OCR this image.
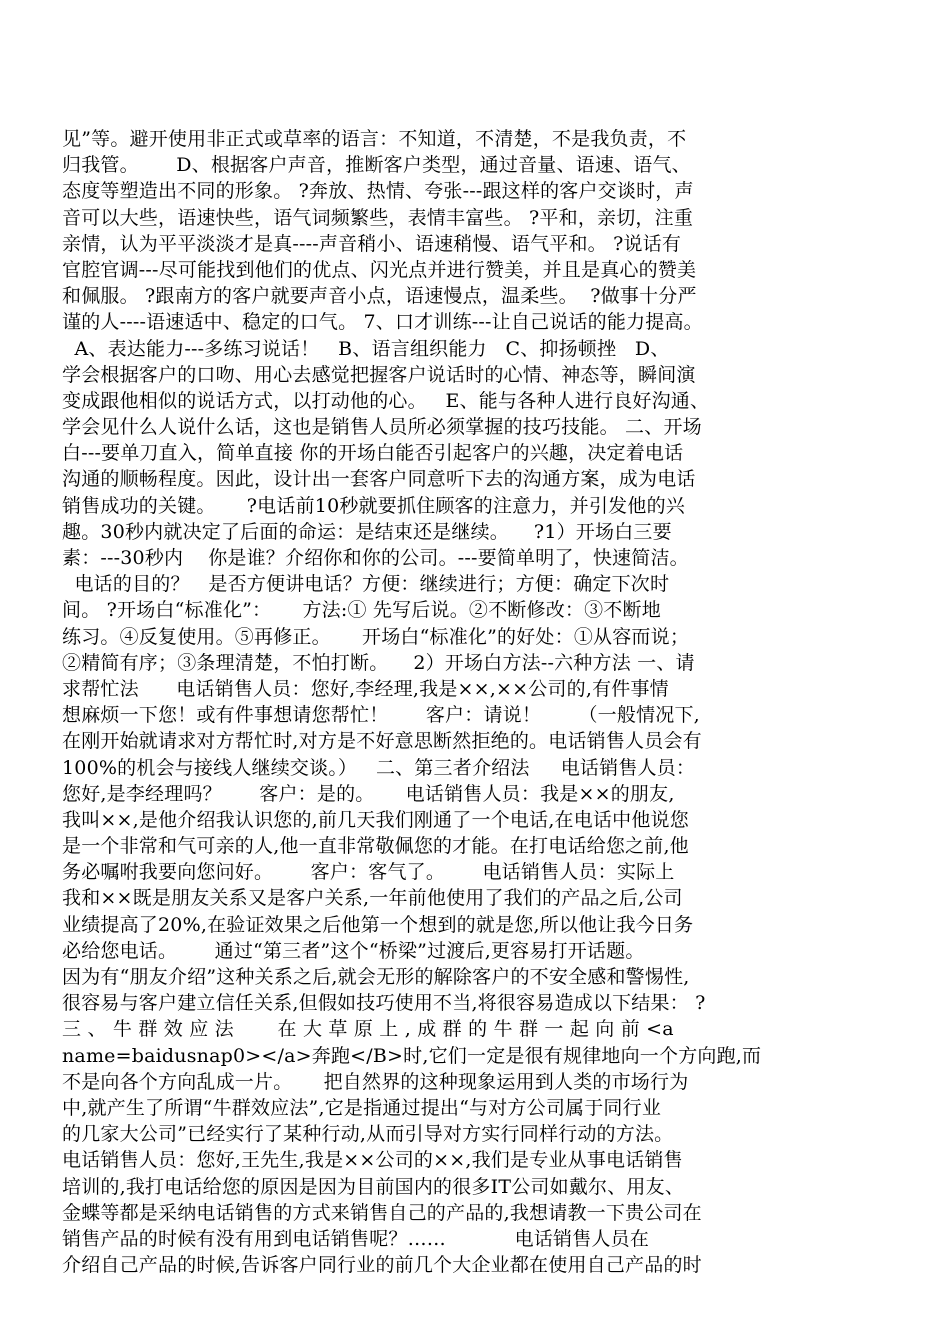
见”等。避开使用非正式或草率的语言：不知道，不清楚，不是我负责，不
归我管。      D、根据客户声音，推断客户类型，通过音量、语速、语气、
态度等塑造出不同的形象。 ?奔放、热情、夸张---跟这样的客户交谈时，声
音可以大些，语速快些，语气词频繁些，表情丰富些。 ?平和，亲切，注重
亲情，认为平平淡淡才是真----声音稍小、语速稍慢、语气平和。 ?说话有
官腔官调---尽可能找到他们的优点、闪光点并进行赞美，并且是真心的赞美
和佩服。 ?跟南方的客户就要声音小点，语速慢点，温柔些。  ?做事十分严
谨的人----语速适中、稳定的口气。 7、口才训练---让自己说话的能力提高。
A、表达能力---多练习说话！   B、语言组织能力   C、抑扬顿挫   D、
学会根据客户的口吻、用心去感觉把握客户说话时的心情、神态等，瞬间演
变成跟他相似的说话方式，以打动他的心。   E、能与各种人进行良好沟通、
学会见什么人说什么话，这也是销售人员所必须掌握的技巧技能。 二、开场
白---要单刀直入，简单直接 你的开场白能否引起客户的兴趣，决定着电话
沟通的顺畅程度。因此，设计出一套客户同意听下去的沟通方案，成为电话
销售成功的关键。     ?电话前10秒就要抓住顾客的注意力，并引发他的兴
趣。30秒内就决定了后面的命运：是结束还是继续。    ?1）开场白三要
素：---30秒内    你是谁？介绍你和你的公司。---要简单明了，快速简洁。
电话的目的？   是否方便讲电话？方便：继续进行；方便：确定下次时
间。 ?开场白“标准化”：     方法:① 先写后说。②不断修改：③不断地
练习。④反复使用。⑤再修正。     开场白“标准化”的好处：①从容而说；
②精简有序；③条理清楚，不怕打断。    2）开场白方法--六种方法 一、请
求帮忙法      电话销售人员：您好,李经理,我是××,××公司的,有件事情
想麻烦一下您！或有件事想请您帮忙！      客户：请说！      （一般情况下,
在刚开始就请求对方帮忙时,对方是不好意思断然拒绝的。电话销售人员会有
100%的机会与接线人继续交谈。）   二、第三者介绍法     电话销售人员：
您好,是李经理吗？      客户：是的。     电话销售人员：我是××的朋友,
我叫××,是他介绍我认识您的,前几天我们刚通了一个电话,在电话中他说您
是一个非常和气可亲的人,他一直非常敬佩您的才能。在打电话给您之前,他
务必嘱咐我要向您问好。      客户：客气了。      电话销售人员：实际上
我和××既是朋友关系又是客户关系,一年前他使用了我们的产品之后,公司
业绩提高了20%,在验证效果之后他第一个想到的就是您,所以他让我今日务
必给您电话。      通过“第三者”这个“桥梁”过渡后,更容易打开话题。
因为有“朋友介绍”这种关系之后,就会无形的解除客户的不安全感和警惕性,
很容易与客户建立信任关系,但假如技巧使用不当,将很容易造成以下结果： ?
三 、 牛 群 效 应 法       在 大 草 原 上 , 成 群 的 牛 群 一 起 向 前 <a
name=baidusnap0></a>奔跑</B>时,它们一定是很有规律地向一个方向跑,而
不是向各个方向乱成一片。     把自然界的这种现象运用到人类的市场行为
中,就产生了所谓“牛群效应法”,它是指通过提出“与对方公司属于同行业
的几家大公司”已经实行了某种行动,从而引导对方实行同样行动的方法。
电话销售人员：您好,王先生,我是××公司的××,我们是专业从事电话销售
培训的,我打电话给您的原因是因为目前国内的很多IT公司如戴尔、用友、
金蝶等都是采纳电话销售的方式来销售自己的产品的,我想请教一下贵公司在
销售产品的时候有没有用到电话销售呢？……           电话销售人员在
介绍自己产品的时候,告诉客户同行业的前几个大企业都在使用自己产品的时
